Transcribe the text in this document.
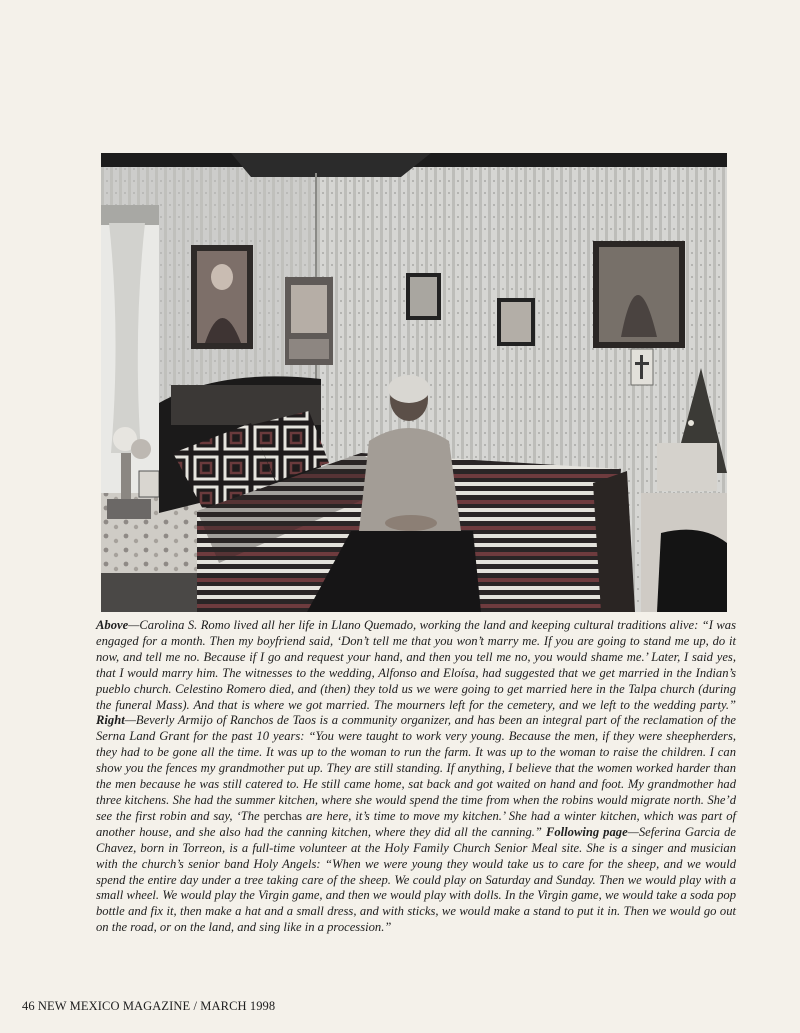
Above—Carolina S. Romo lived all her life in Llano Quemado, working the land and keeping cultural traditions alive: “I was engaged for a month. Then my boyfriend said, ‘Don’t tell me that you won’t marry me. If you are going to stand me up, do it now, and tell me no. Because if I go and request your hand, and then you tell me no, you would shame me.’ Later, I said yes, that I would marry him. The witnesses to the wedding, Alfonso and Eloísa, had suggested that we get married in the Indian’s pueblo church. Celestino Romero died, and (then) they told us we were going to get married here in the Talpa church (during the funeral Mass). And that is where we got married. The mourners left for the cemetery, and we left to the wedding party.” Right—Beverly Armijo of Ranchos de Taos is a community organizer, and has been an integral part of the reclamation of the Serna Land Grant for the past 10 years: “You were taught to work very young. Because the men, if they were sheepherders, they had to be gone all the time. It was up to the woman to run the farm. It was up to the woman to raise the children. I can show you the fences my grandmother put up. They are still standing. If anything, I believe that the women worked harder than the men because he was still catered to. He still came home, sat back and got waited on hand and foot. My grandmother had three kitchens. She had the summer kitchen, where she would spend the time from when the robins would migrate north. She’d see the first robin and say, ‘The perchas are here, it’s time to move my kitchen.’ She had a winter kitchen, which was part of another house, and she also had the canning kitchen, where they did all the canning.” Following page—Seferina Garcia de Chavez, born in Torreon, is a full-time volunteer at the Holy Family Church Senior Meal site. She is a singer and musician with the church’s senior band Holy Angels: “When we were young they would take us to care for the sheep, and we would spend the entire day under a tree taking care of the sheep. We could play on Saturday and Sunday. Then we would play with a small wheel. We would play the Virgin game, and then we would play with dolls. In the Virgin game, we would take a soda pop bottle and fix it, then make a hat and a small dress, and with sticks, we would make a stand to put it in. Then we would go out on the road, or on the land, and sing like in a procession.”

46 NEW MEXICO MAGAZINE / MARCH 1998
